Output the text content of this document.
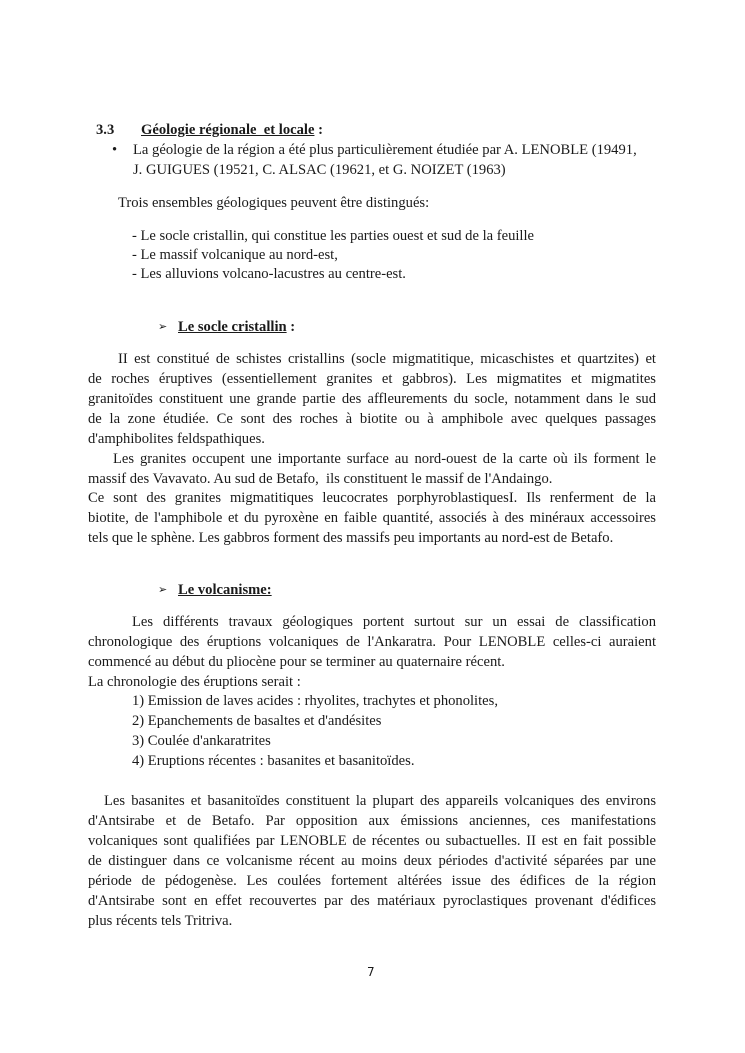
3.3 Géologie régionale  et locale :
• La géologie de la région a été plus particulièrement étudiée par A. LENOBLE (19491,
J. GUIGUES (19521, C. ALSAC (19621, et G. NOIZET (1963)
Trois ensembles géologiques peuvent être distingués:
- Le socle cristallin, qui constitue les parties ouest et sud de la feuille
- Le massif volcanique au nord-est,
- Les alluvions volcano-lacustres au centre-est.
➢ Le socle cristallin :
II est constitué de schistes cristallins (socle migmatitique, micaschistes et quartzites) et
de roches éruptives (essentiellement granites et gabbros). Les migmatites et migmatites
granitoïdes constituent une grande partie des affleurements du socle, notamment dans le sud
de la zone étudiée. Ce sont des roches à biotite ou à amphibole avec quelques passages
d'amphibolites feldspathiques.
Les granites occupent une importante surface au nord-ouest de la carte où ils forment le
massif des Vavavato. Au sud de Betafo,  ils constituent le massif de l'Andaingo.
Ce sont des granites migmatitiques leucocrates porphyroblastiquesI. Ils renferment de la
biotite, de l'amphibole et du pyroxène en faible quantité, associés à des minéraux accessoires
tels que le sphène. Les gabbros forment des massifs peu importants au nord-est de Betafo.
➢ Le volcanisme:
Les différents travaux géologiques portent surtout sur un essai de classification
chronologique des éruptions volcaniques de l'Ankaratra. Pour LENOBLE celles-ci auraient
commencé au début du pliocène pour se terminer au quaternaire récent.
La chronologie des éruptions serait :
1) Emission de laves acides : rhyolites, trachytes et phonolites,
2) Epanchements de basaltes et d'andésites
3) Coulée d'ankaratrites
4) Eruptions récentes : basanites et basanitoïdes.
Les basanites et basanitoïdes constituent la plupart des appareils volcaniques des environs
d'Antsirabe et de Betafo. Par opposition aux émissions anciennes, ces manifestations
volcaniques sont qualifiées par LENOBLE de récentes ou subactuelles. II est en fait possible
de distinguer dans ce volcanisme récent au moins deux périodes d'activité séparées par une
période de pédogenèse. Les coulées fortement altérées issue des édifices de la région
d'Antsirabe sont en effet recouvertes par des matériaux pyroclastiques provenant d'édifices
plus récents tels Tritriva.
7
